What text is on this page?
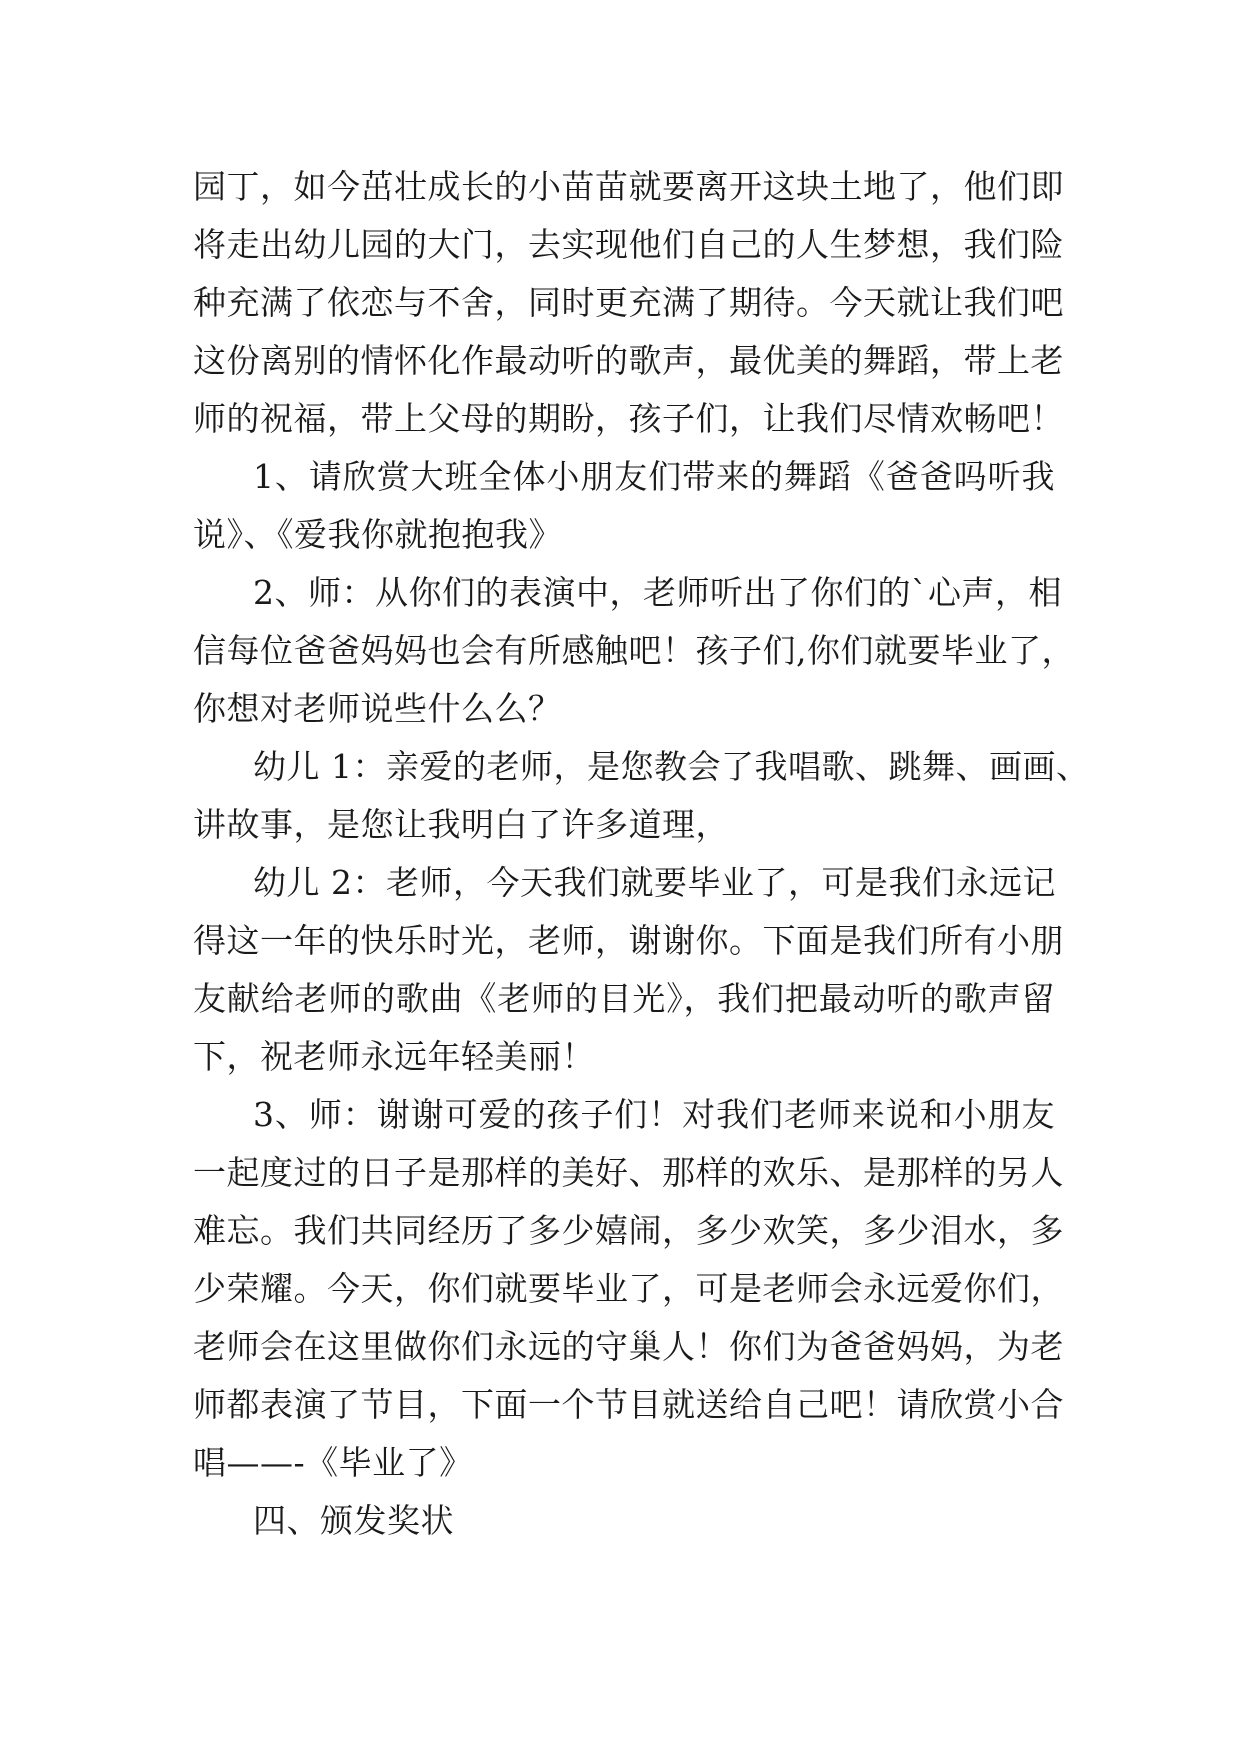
园丁，如今茁壮成长的小苗苗就要离开这块土地了，他们即
将走出幼儿园的大门，去实现他们自己的人生梦想，我们险
种充满了依恋与不舍，同时更充满了期待。今天就让我们吧
这份离别的情怀化作最动听的歌声，最优美的舞蹈，带上老
师的祝福，带上父母的期盼，孩子们，让我们尽情欢畅吧！
1、请欣赏大班全体小朋友们带来的舞蹈《爸爸吗听我
说》、《爱我你就抱抱我》
2、师：从你们的表演中，老师听出了你们的`心声，相
信每位爸爸妈妈也会有所感触吧！孩子们,你们就要毕业了，
你想对老师说些什么么？
幼儿 1：亲爱的老师，是您教会了我唱歌、跳舞、画画、
讲故事，是您让我明白了许多道理，
幼儿 2：老师，今天我们就要毕业了，可是我们永远记
得这一年的快乐时光，老师，谢谢你。下面是我们所有小朋
友献给老师的歌曲《老师的目光》，我们把最动听的歌声留
下，祝老师永远年轻美丽！
3、师：谢谢可爱的孩子们！对我们老师来说和小朋友
一起度过的日子是那样的美好、那样的欢乐、是那样的另人
难忘。我们共同经历了多少嬉闹，多少欢笑，多少泪水，多
少荣耀。今天，你们就要毕业了，可是老师会永远爱你们，
老师会在这里做你们永远的守巢人！你们为爸爸妈妈，为老
师都表演了节目，下面一个节目就送给自己吧！请欣赏小合
唱——-《毕业了》
四、颁发奖状
